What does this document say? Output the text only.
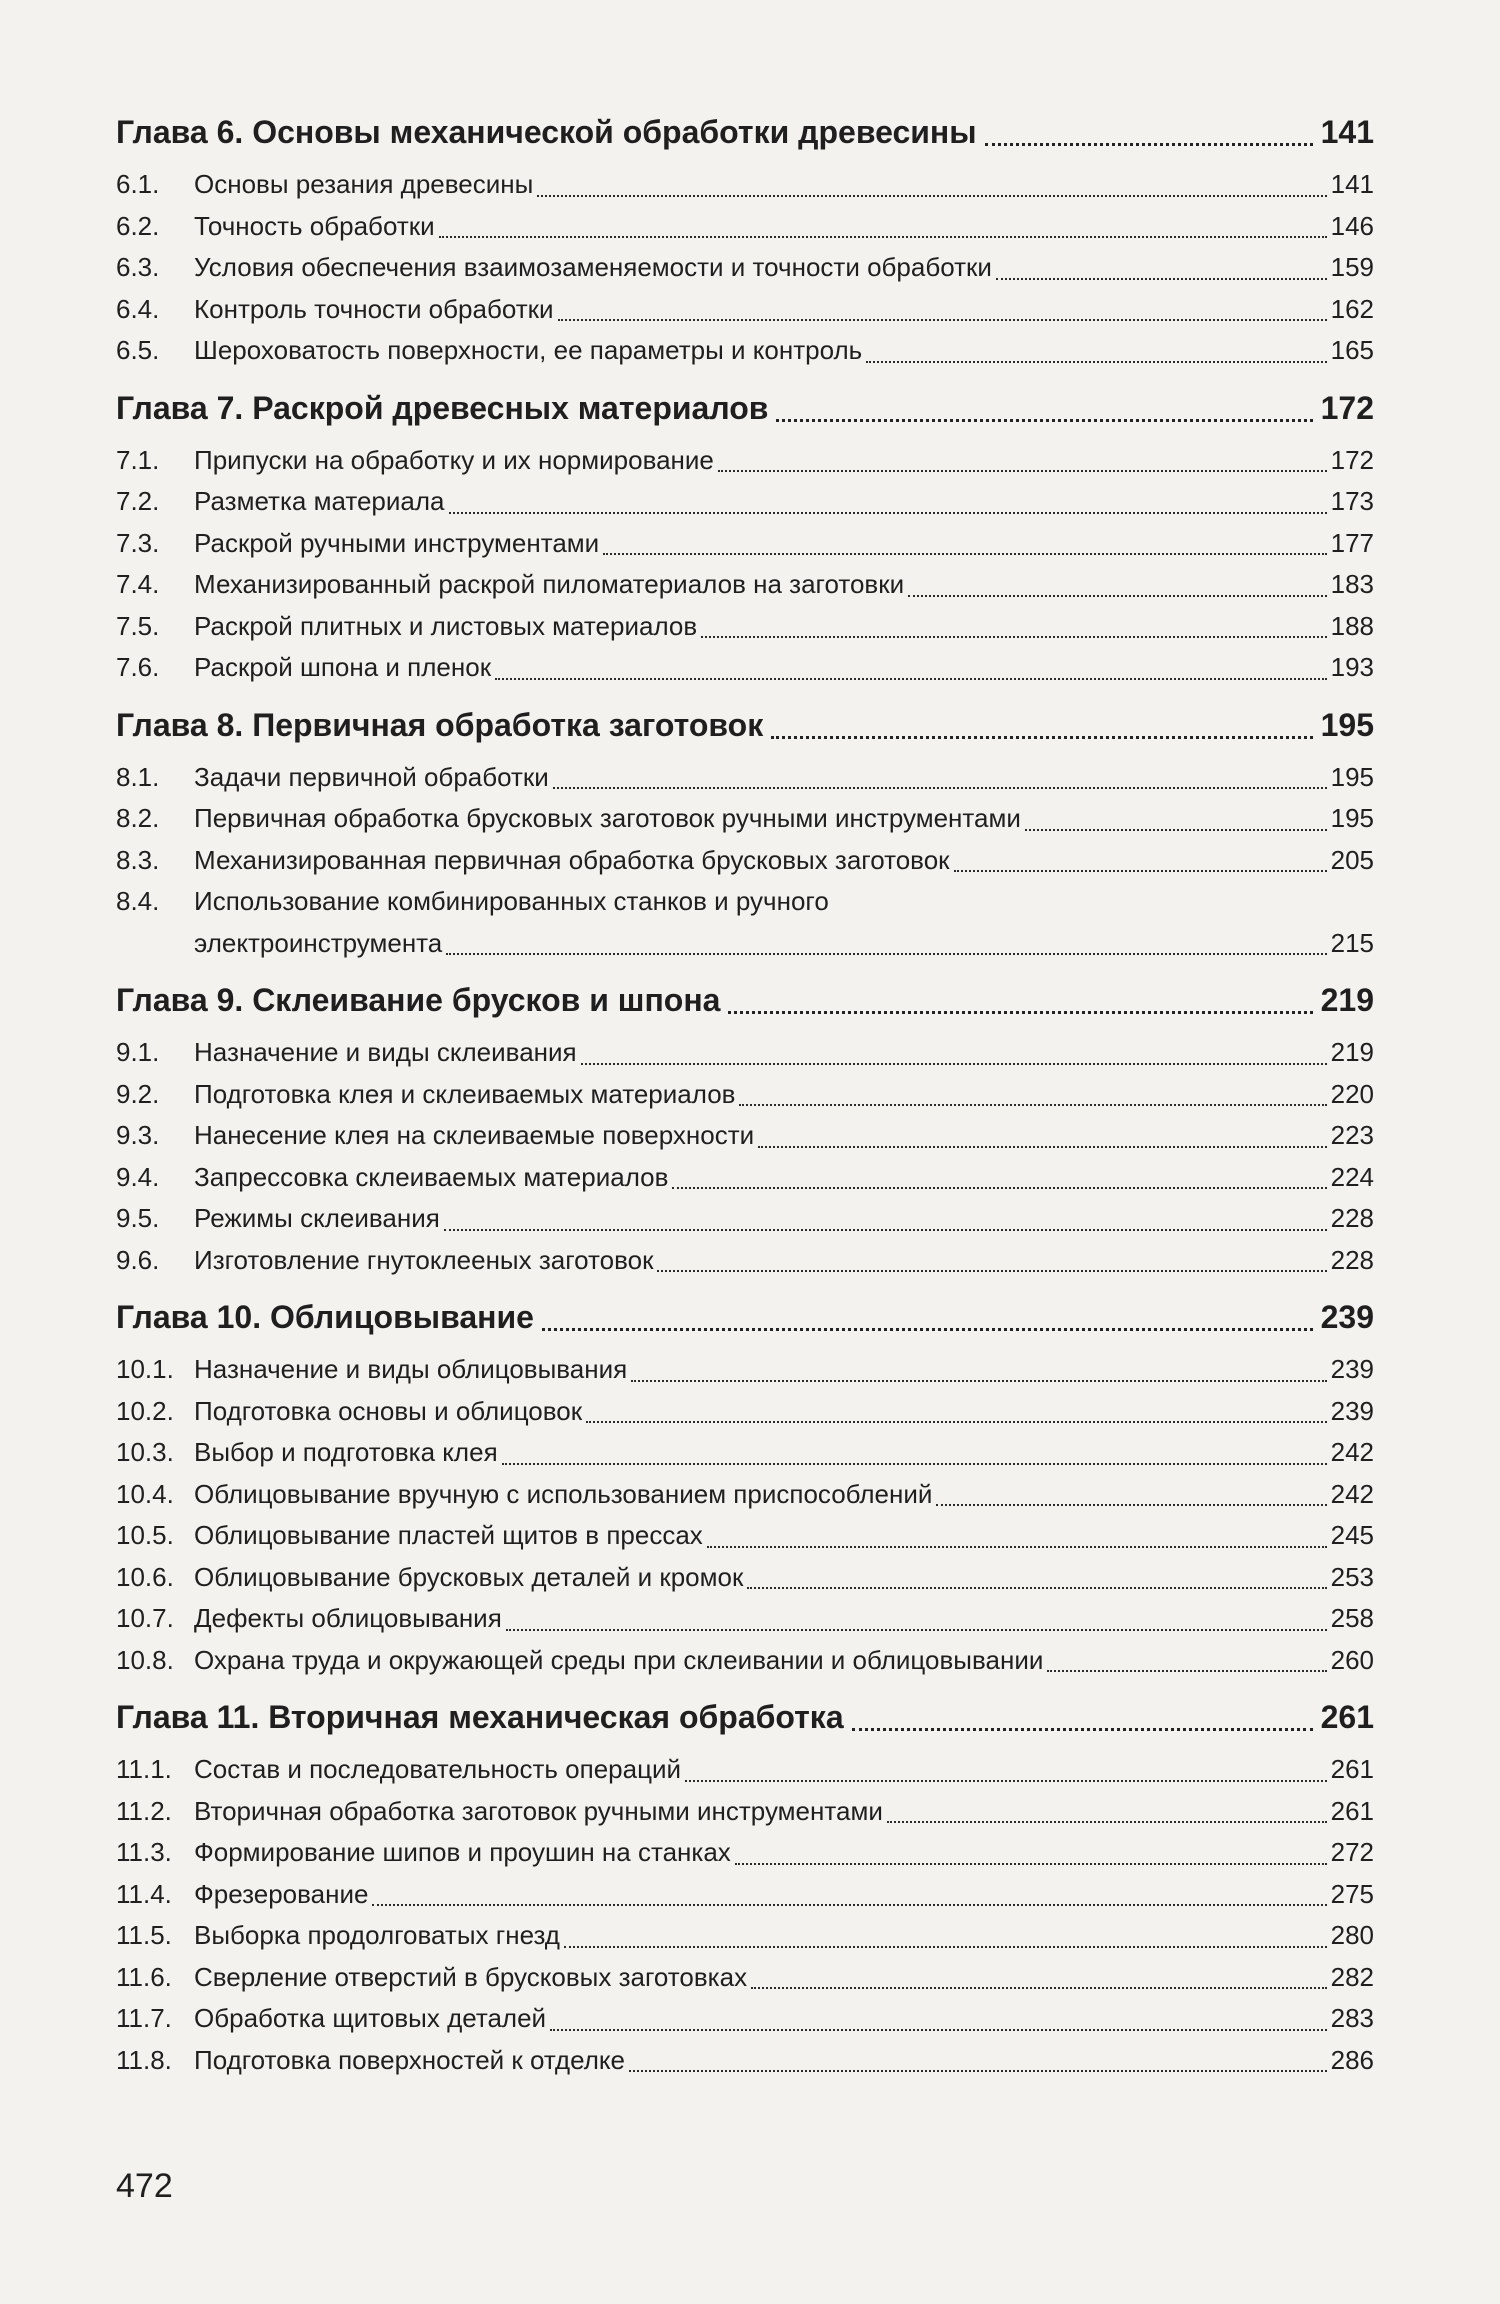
Глава 6. Основы механической обработки древесины	141
6.1.	Основы резания древесины	141
6.2.	Точность обработки	146
6.3.	Условия обеспечения взаимозаменяемости и точности обработки	159
6.4.	Контроль точности обработки	162
6.5.	Шероховатость поверхности, ее параметры и контроль	165
Глава 7. Раскрой древесных материалов	172
7.1.	Припуски на обработку и их нормирование	172
7.2.	Разметка материала	173
7.3.	Раскрой ручными инструментами	177
7.4.	Механизированный раскрой пиломатериалов на заготовки	183
7.5.	Раскрой плитных и листовых материалов	188
7.6.	Раскрой шпона и пленок	193
Глава 8. Первичная обработка заготовок	195
8.1.	Задачи первичной обработки	195
8.2.	Первичная обработка брусковых заготовок ручными инструментами	195
8.3.	Механизированная первичная обработка брусковых заготовок	205
8.4.	Использование комбинированных станков и ручного
электроинструмента	215
Глава 9. Склеивание брусков и шпона	219
9.1.	Назначение и виды склеивания	219
9.2.	Подготовка клея и склеиваемых материалов	220
9.3.	Нанесение клея на склеиваемые поверхности	223
9.4.	Запрессовка склеиваемых материалов	224
9.5.	Режимы склеивания	228
9.6.	Изготовление гнутоклееных заготовок	228
Глава 10. Облицовывание	239
10.1. Назначение и виды облицовывания	239
10.2. Подготовка основы и облицовок	239
10.3. Выбор и подготовка клея	242
10.4. Облицовывание вручную с использованием приспособлений	242
10.5. Облицовывание пластей щитов в прессах	245
10.6. Облицовывание брусковых деталей и кромок	253
10.7. Дефекты облицовывания	258
10.8. Охрана труда и окружающей среды при склеивании и облицовывании	260
Глава 11. Вторичная механическая обработка	261
11.1. Состав и последовательность операций	261
11.2. Вторичная обработка заготовок ручными инструментами	261
11.3. Формирование шипов и проушин на станках	272
11.4. Фрезерование	275
11.5. Выборка продолговатых гнезд	280
11.6. Сверление отверстий в брусковых заготовках	282
11.7. Обработка щитовых деталей	283
11.8. Подготовка поверхностей к отделке	286
472
